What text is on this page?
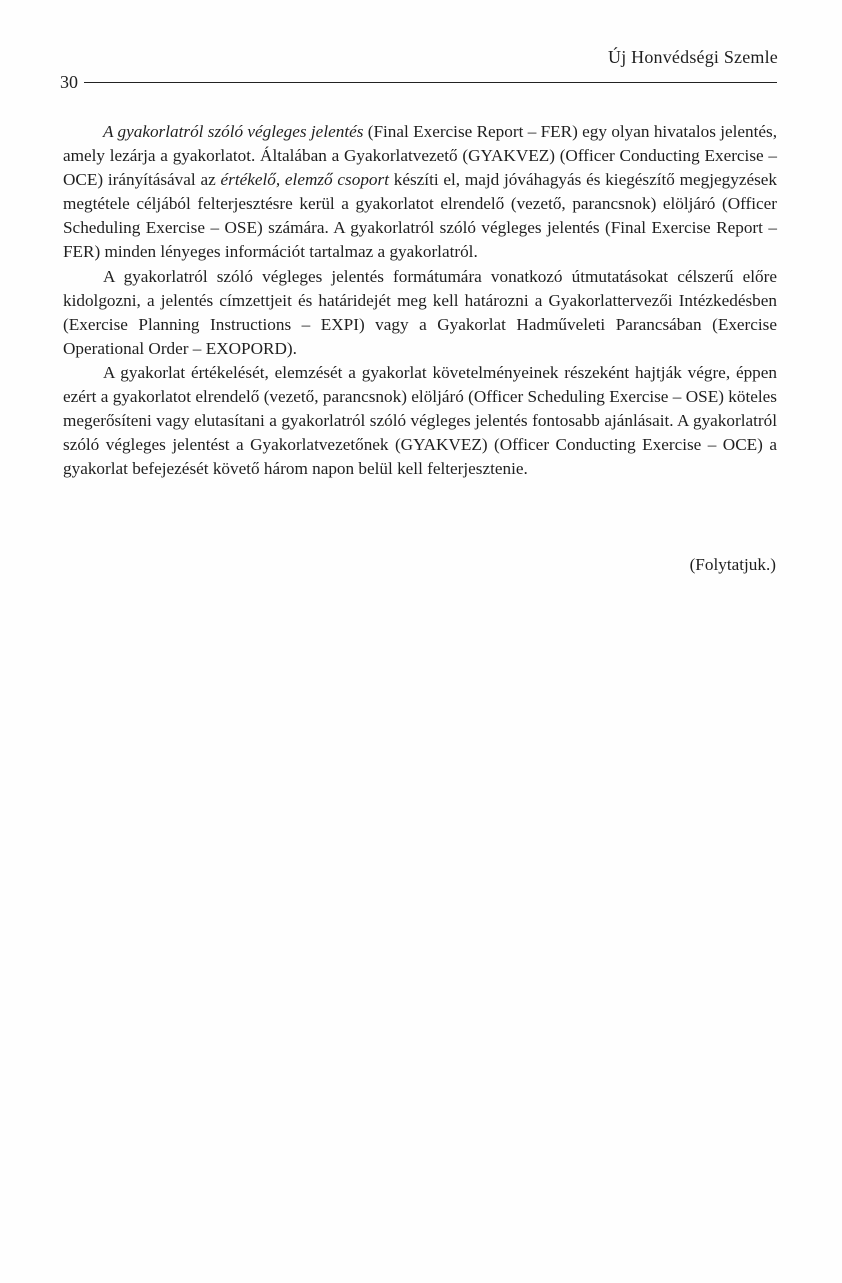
Új Honvédségi Szemle
30

A gyakorlatról szóló végleges jelentés (Final Exercise Report – FER) egy olyan hivatalos jelentés, amely lezárja a gyakorlatot. Általában a Gyakorlatvezető (GYAKVEZ) (Officer Conducting Exercise – OCE) irányításával az értékelő, elemző csoport készíti el, majd jóváhagyás és kiegészítő megjegyzések megtétele céljából felterjesztésre kerül a gyakorlatot elrendelő (vezető, parancsnok) elöljáró (Officer Scheduling Exercise – OSE) számára. A gyakorlatról szóló végleges jelentés (Final Exercise Report – FER) minden lényeges információt tartalmaz a gyakorlatról.

A gyakorlatról szóló végleges jelentés formátumára vonatkozó útmutatásokat célszerű előre kidolgozni, a jelentés címzettjeit és határidejét meg kell határozni a Gyakorlattervezői Intézkedésben (Exercise Planning Instructions – EXPI) vagy a Gyakorlat Hadműveleti Parancsában (Exercise Operational Order – EXOPORD).

A gyakorlat értékelését, elemzését a gyakorlat követelményeinek részeként hajtják végre, éppen ezért a gyakorlatot elrendelő (vezető, parancsnok) elöljáró (Officer Scheduling Exercise – OSE) köteles megerősíteni vagy elutasítani a gyakorlatról szóló végleges jelentés fontosabb ajánlásait. A gyakorlatról szóló végleges jelentést a Gyakorlatvezetőnek (GYAKVEZ) (Officer Conducting Exercise – OCE) a gyakorlat befejezését követő három napon belül kell felterjesztenie.

(Folytatjuk.)
